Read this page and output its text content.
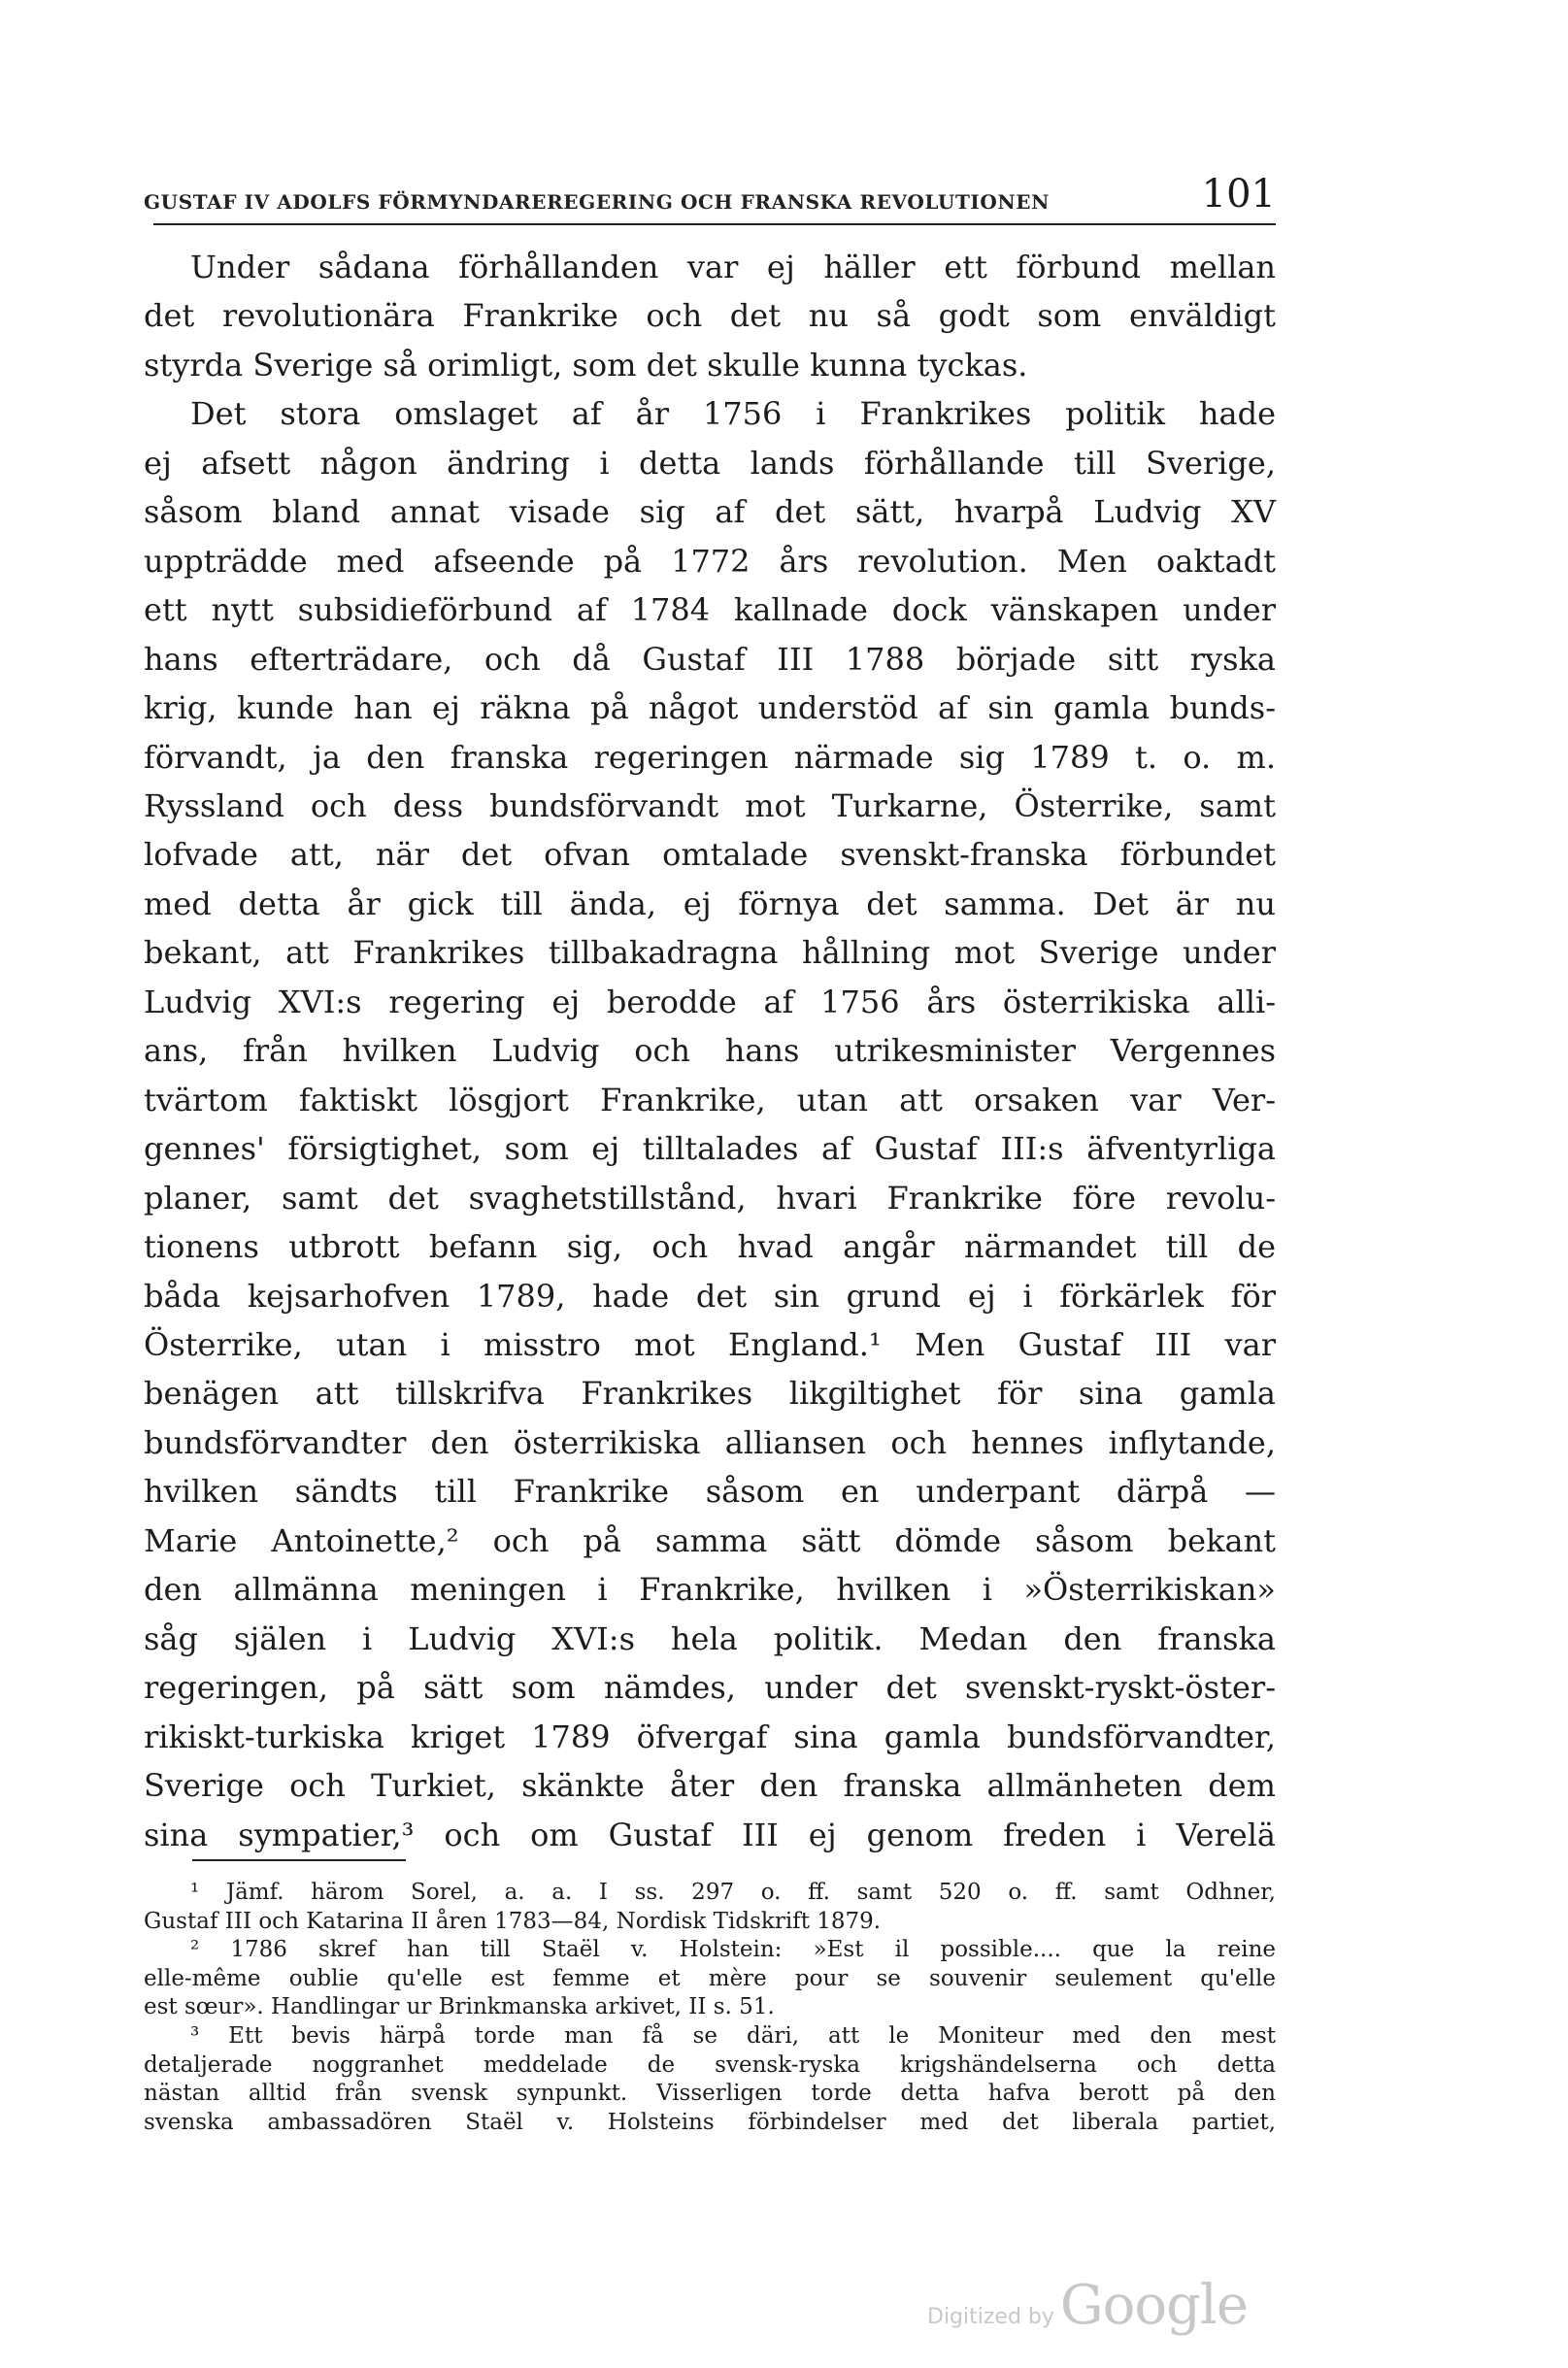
GUSTAF IV ADOLFS FÖRMYNDAREREGERING OCH FRANSKA REVOLUTIONEN	101
Under sådana förhållanden var ej häller ett förbund mellan
det revolutionära Frankrike och det nu så godt som enväldigt
styrda Sverige så orimligt, som det skulle kunna tyckas.
Det stora omslaget af år 1756 i Frankrikes politik hade
ej afsett någon ändring i detta lands förhållande till Sverige,
såsom bland annat visade sig af det sätt, hvarpå Ludvig XV
uppträdde med afseende på 1772 års revolution. Men oaktadt
ett nytt subsidieförbund af 1784 kallnade dock vänskapen under
hans efterträdare, och då Gustaf III 1788 började sitt ryska
krig, kunde han ej räkna på något understöd af sin gamla bunds-
förvandt, ja den franska regeringen närmade sig 1789 t. o. m.
Ryssland och dess bundsförvandt mot Turkarne, Österrike, samt
lofvade att, när det ofvan omtalade svenskt-franska förbundet
med detta år gick till ända, ej förnya det samma. Det är nu
bekant, att Frankrikes tillbakadragna hållning mot Sverige under
Ludvig XVI:s regering ej berodde af 1756 års österrikiska alli-
ans, från hvilken Ludvig och hans utrikesminister Vergennes
tvärtom faktiskt lösgjort Frankrike, utan att orsaken var Ver-
gennes' försigtighet, som ej tilltalades af Gustaf III:s äfventyrliga
planer, samt det svaghetstillstånd, hvari Frankrike före revolu-
tionens utbrott befann sig, och hvad angår närmandet till de
båda kejsarhofven 1789, hade det sin grund ej i förkärlek för
Österrike, utan i misstro mot England.¹ Men Gustaf III var
benägen att tillskrifva Frankrikes likgiltighet för sina gamla
bundsförvandter den österrikiska alliansen och hennes inflytande,
hvilken sändts till Frankrike såsom en underpant därpå —
Marie Antoinette,² och på samma sätt dömde såsom bekant
den allmänna meningen i Frankrike, hvilken i »Österrikiskan»
såg själen i Ludvig XVI:s hela politik. Medan den franska
regeringen, på sätt som nämdes, under det svenskt-ryskt-öster-
rikiskt-turkiska kriget 1789 öfvergaf sina gamla bundsförvandter,
Sverige och Turkiet, skänkte åter den franska allmänheten dem
sina sympatier,³ och om Gustaf III ej genom freden i Verelä
¹ Jämf. härom Sorel, a. a. I ss. 297 o. ff. samt 520 o. ff. samt Odhner,
Gustaf III och Katarina II åren 1783—84, Nordisk Tidskrift 1879.
² 1786 skref han till Staël v. Holstein: »Est il possible.... que la reine
elle-même oublie qu'elle est femme et mère pour se souvenir seulement qu'elle
est sœur». Handlingar ur Brinkmanska arkivet, II s. 51.
³ Ett bevis härpå torde man få se däri, att le Moniteur med den mest
detaljerade noggranhet meddelade de svensk-ryska krigshändelserna och detta
nästan alltid från svensk synpunkt. Visserligen torde detta hafva berott på den
svenska ambassadören Staël v. Holsteins förbindelser med det liberala partiet,
Digitized by Google
